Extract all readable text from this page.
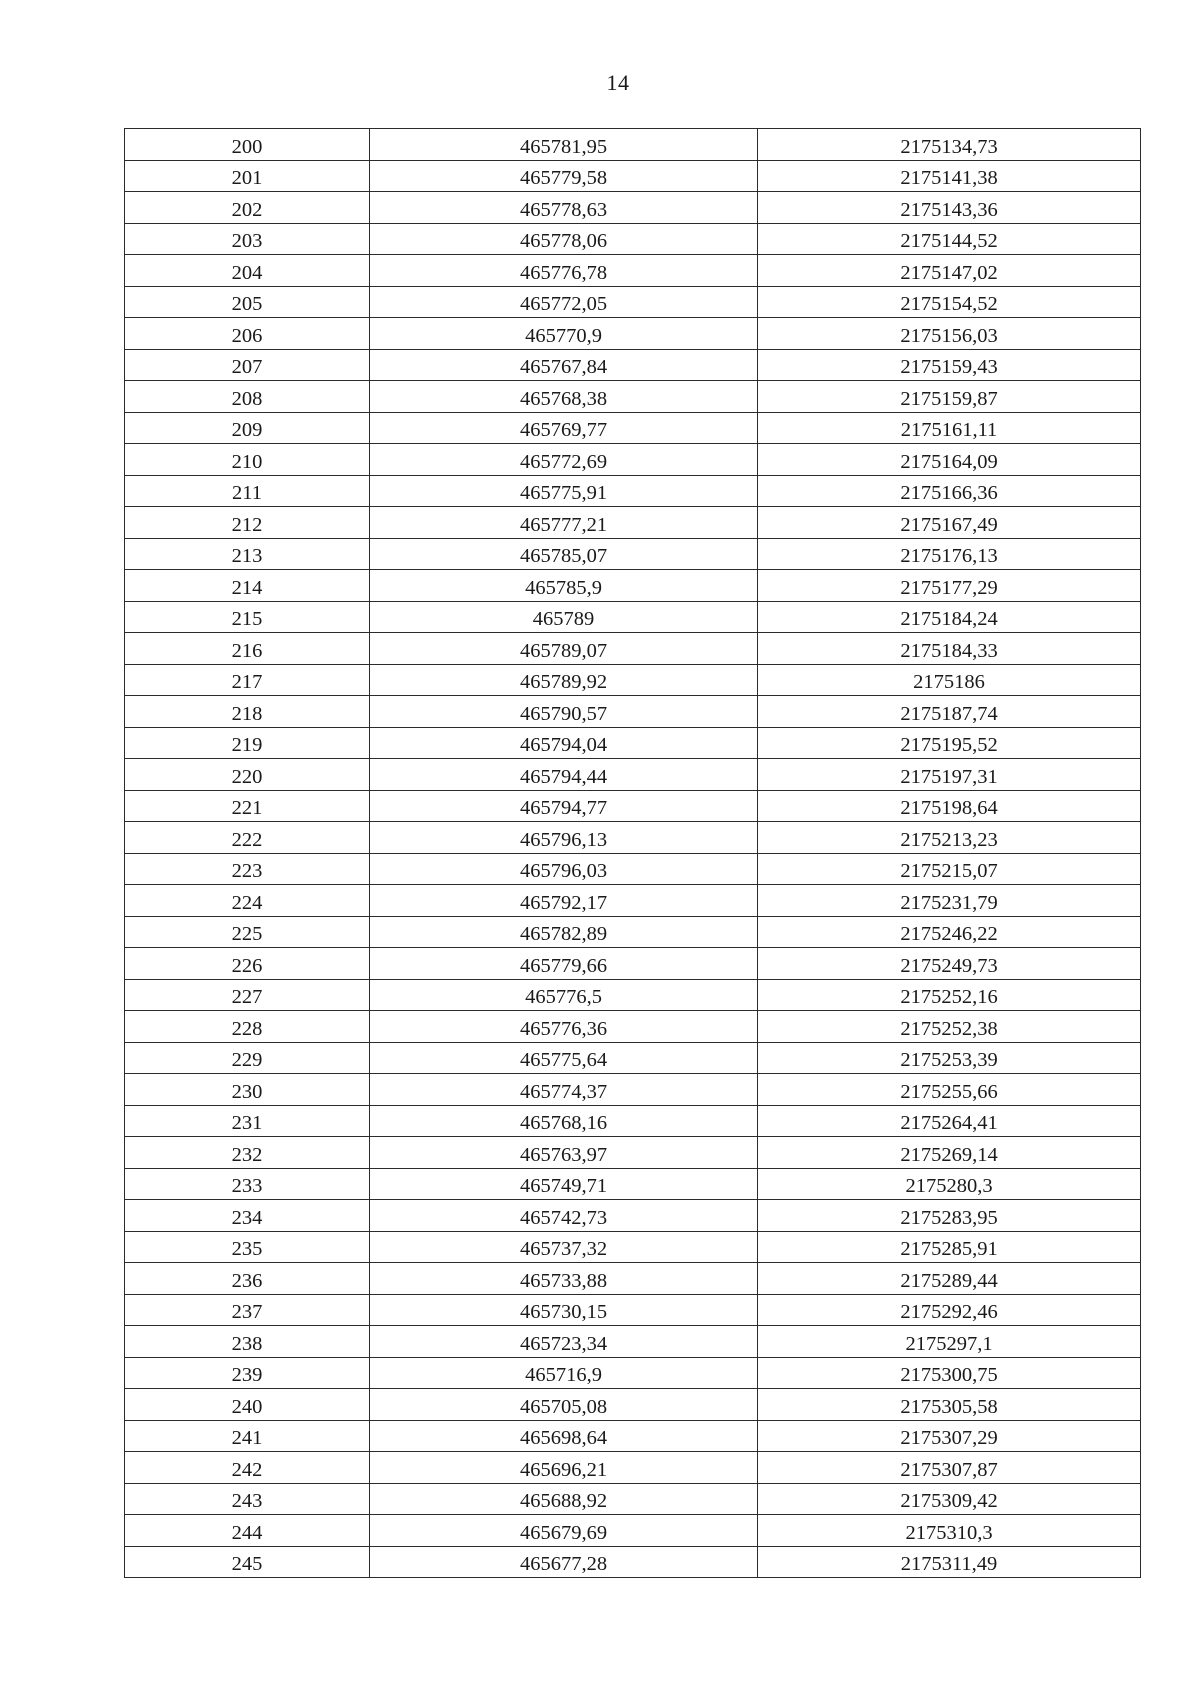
14
200	465781,95	2175134,73
201	465779,58	2175141,38
202	465778,63	2175143,36
203	465778,06	2175144,52
204	465776,78	2175147,02
205	465772,05	2175154,52
206	465770,9	2175156,03
207	465767,84	2175159,43
208	465768,38	2175159,87
209	465769,77	2175161,11
210	465772,69	2175164,09
211	465775,91	2175166,36
212	465777,21	2175167,49
213	465785,07	2175176,13
214	465785,9	2175177,29
215	465789	2175184,24
216	465789,07	2175184,33
217	465789,92	2175186
218	465790,57	2175187,74
219	465794,04	2175195,52
220	465794,44	2175197,31
221	465794,77	2175198,64
222	465796,13	2175213,23
223	465796,03	2175215,07
224	465792,17	2175231,79
225	465782,89	2175246,22
226	465779,66	2175249,73
227	465776,5	2175252,16
228	465776,36	2175252,38
229	465775,64	2175253,39
230	465774,37	2175255,66
231	465768,16	2175264,41
232	465763,97	2175269,14
233	465749,71	2175280,3
234	465742,73	2175283,95
235	465737,32	2175285,91
236	465733,88	2175289,44
237	465730,15	2175292,46
238	465723,34	2175297,1
239	465716,9	2175300,75
240	465705,08	2175305,58
241	465698,64	2175307,29
242	465696,21	2175307,87
243	465688,92	2175309,42
244	465679,69	2175310,3
245	465677,28	2175311,49
